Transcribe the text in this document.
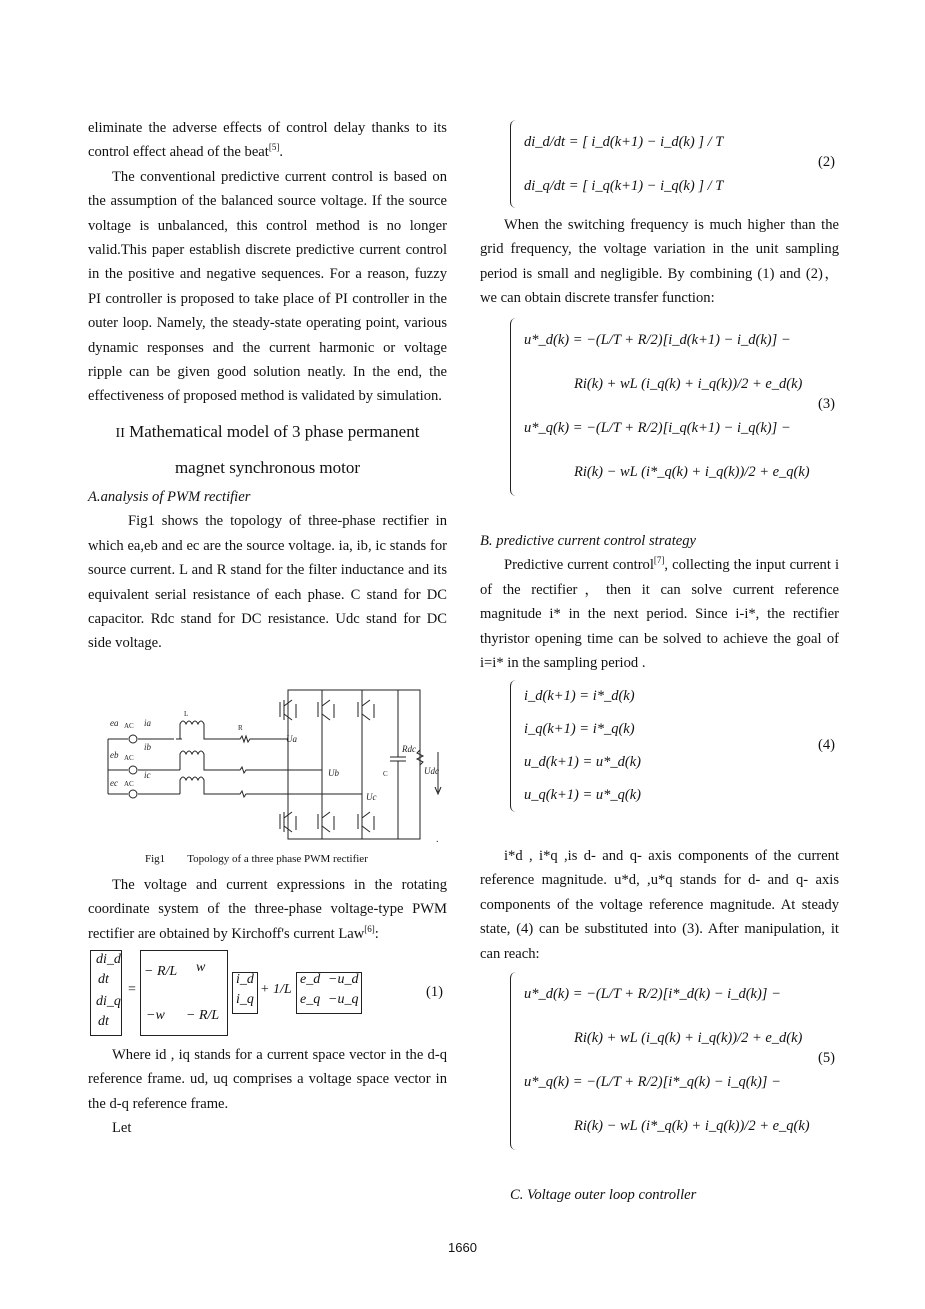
eliminate the adverse effects of control delay thanks to its control effect ahead of the beat[5].

The conventional predictive current control is based on the assumption of the balanced source voltage. If the source voltage is unbalanced, this control method is no longer valid.This paper establish discrete predictive current control in the positive and negative sequences. For a reason, fuzzy PI controller is proposed to take place of PI controller in the outer loop. Namely, the steady-state operating point, various dynamic responses and the current harmonic or voltage ripple can be given good solution neatly. In the end, the effectiveness of proposed method is validated by simulation.

II Mathematical model of 3 phase permanent

magnet synchronous motor

A.analysis of PWM rectifier

Fig1 shows the topology of three-phase rectifier in which ea,eb and ec are the source voltage. ia, ib, ic stands for source current. L and R stand for the filter inductance and its equivalent serial resistance of each phase. C stand for DC capacitor. Rdc stand for DC resistance. Udc stand for DC side voltage.

ea
eb
ec
ia
ib
ic
Ua
Ub
Uc
Rdc
Udc
AC
AC
AC
L
R
C
.
Fig1 Topology of a three phase PWM rectifier

The voltage and current expressions in the rotating coordinate system of the three-phase voltage-type PWM rectifier are obtained by Kirchoff's current Law[6]:

di_d
dt
di_q
dt
=
− R/L w
−w − R/L
i_d
i_q
+ 1/L
e_d −u_d
e_q −u_q	(1)

Where id , iq stands for a current space vector in the d-q reference frame. ud, uq comprises a voltage space vector in the d-q reference frame.

Let

di_d/dt = [ i_d(k+1) − i_d(k) ] / T
di_q/dt = [ i_q(k+1) − i_q(k) ] / T
(2)

When the switching frequency is much higher than the grid frequency, the voltage variation in the unit sampling period is small and negligible. By combining (1) and (2)，we can obtain discrete transfer function:

u*_d(k) = −(L/T + R/2)[i_d(k+1) − i_d(k)] −
Ri(k) + wL (i_q(k) + i_q(k))/2 + e_d(k)
u*_q(k) = −(L/T + R/2)[i_q(k+1) − i_q(k)] −
Ri(k) − wL (i*_q(k) + i_q(k))/2 + e_q(k)
(3)

B. predictive current control strategy

Predictive current control[7], collecting the input current i of the rectifier，then it can solve current reference magnitude i* in the next period. Since i-i*, the rectifier thyristor opening time can be solved to achieve the goal of i=i* in the sampling period .

i_d(k+1) = i*_d(k)
i_q(k+1) = i*_q(k)
u_d(k+1) = u*_d(k)
u_q(k+1) = u*_q(k)
(4)

i*d , i*q ,is d- and q- axis components of the current reference magnitude. u*d, ,u*q stands for d- and q- axis components of the voltage reference magnitude. At steady state, (4) can be substituted into (3). After manipulation, it can reach:

u*_d(k) = −(L/T + R/2)[i*_d(k) − i_d(k)] −
Ri(k) + wL (i_q(k) + i_q(k))/2 + e_d(k)
u*_q(k) = −(L/T + R/2)[i*_q(k) − i_q(k)] −
Ri(k) − wL (i*_q(k) + i_q(k))/2 + e_q(k)
(5)

C. Voltage outer loop controller

1660
